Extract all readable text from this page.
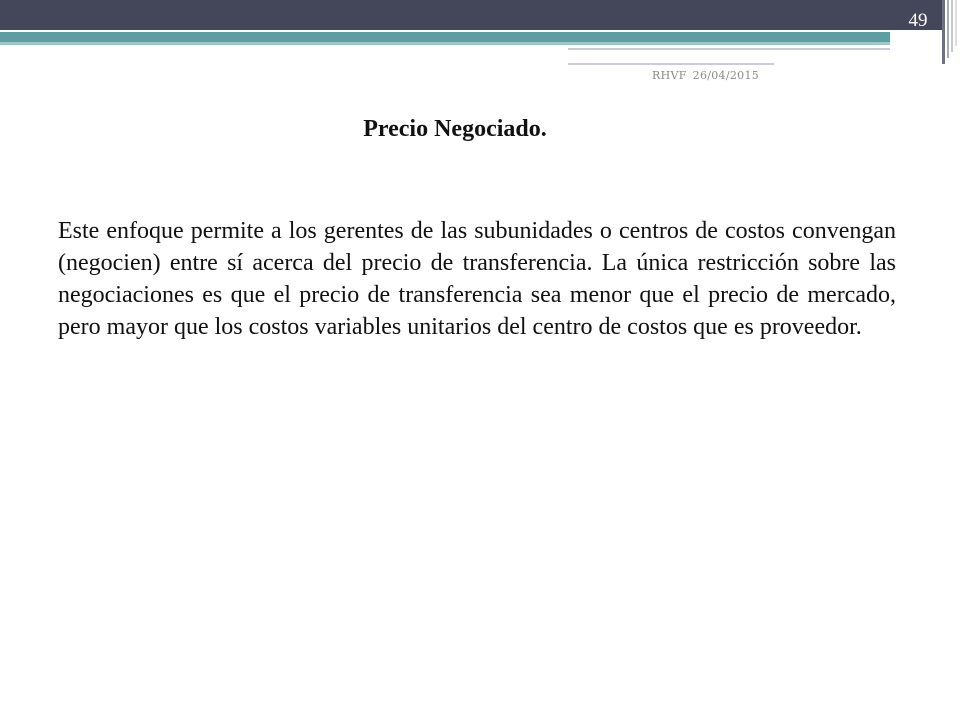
49
RHVF 26/04/2015
Precio Negociado.
Este enfoque permite a los gerentes de las subunidades o centros de costos convengan (negocien) entre sí acerca del precio de transferencia. La única restricción sobre las negociaciones es que el precio de transferencia sea menor que el precio de mercado, pero mayor que los costos variables unitarios del centro de costos que es proveedor.
